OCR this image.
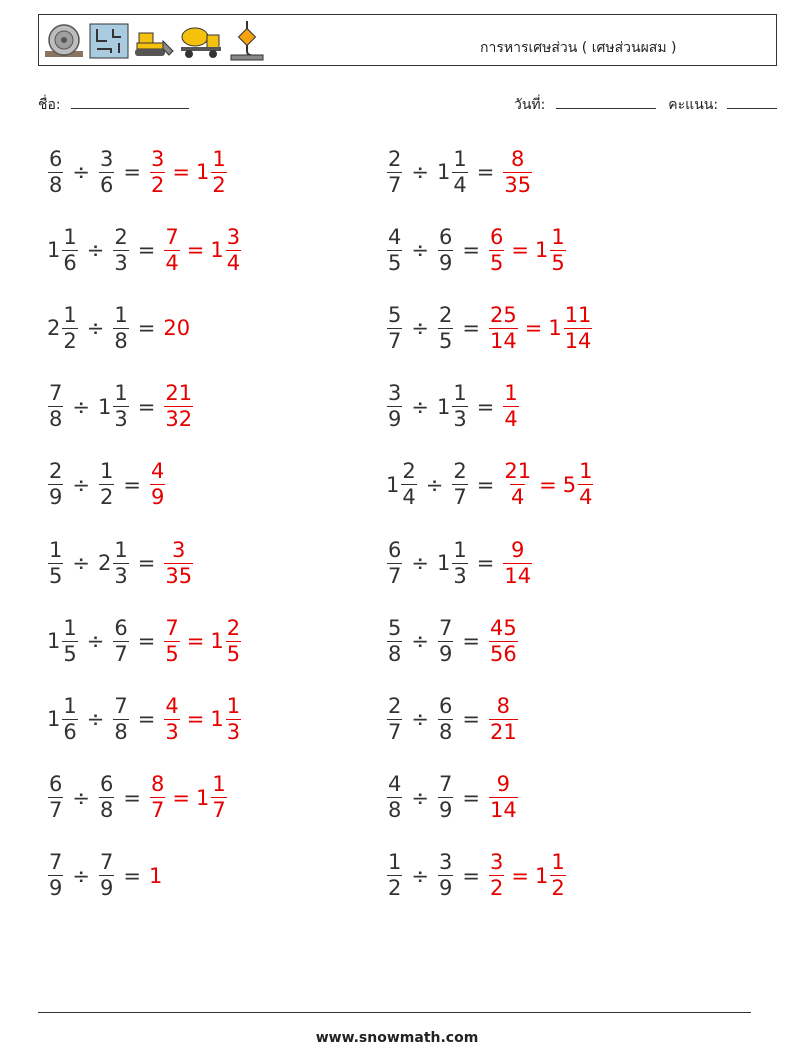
การหารเศษส่วน ( เศษส่วนผสม )
ชื่อ:	วันที่:	คะแนน:
$\frac{6}{8} \div \frac{3}{6} = \frac{3}{2} = 1 \frac{1}{2}$
$1 \frac{1}{6} \div \frac{2}{3} = \frac{7}{4} = 1 \frac{3}{4}$
$2 \frac{1}{2} \div \frac{1}{8} = 20$
$\frac{7}{8} \div 1 \frac{1}{3} = \frac{21}{32}$
$\frac{2}{9} \div \frac{1}{2} = \frac{4}{9}$
$\frac{1}{5} \div 2 \frac{1}{3} = \frac{3}{35}$
$1 \frac{1}{5} \div \frac{6}{7} = \frac{7}{5} = 1 \frac{2}{5}$
$1 \frac{1}{6} \div \frac{7}{8} = \frac{4}{3} = 1 \frac{1}{3}$
$\frac{6}{7} \div \frac{6}{8} = \frac{8}{7} = 1 \frac{1}{7}$
$\frac{7}{9} \div \frac{7}{9} = 1$
$\frac{2}{7} \div 1 \frac{1}{4} = \frac{8}{35}$
$\frac{4}{5} \div \frac{6}{9} = \frac{6}{5} = 1 \frac{1}{5}$
$\frac{5}{7} \div \frac{2}{5} = \frac{25}{14} = 1 \frac{11}{14}$
$\frac{3}{9} \div 1 \frac{1}{3} = \frac{1}{4}$
$1 \frac{2}{4} \div \frac{2}{7} = \frac{21}{4} = 5 \frac{1}{4}$
$\frac{6}{7} \div 1 \frac{1}{3} = \frac{9}{14}$
$\frac{5}{8} \div \frac{7}{9} = \frac{45}{56}$
$\frac{2}{7} \div \frac{6}{8} = \frac{8}{21}$
$\frac{4}{8} \div \frac{7}{9} = \frac{9}{14}$
$\frac{1}{2} \div \frac{3}{9} = \frac{3}{2} = 1 \frac{1}{2}$
www.snowmath.com
